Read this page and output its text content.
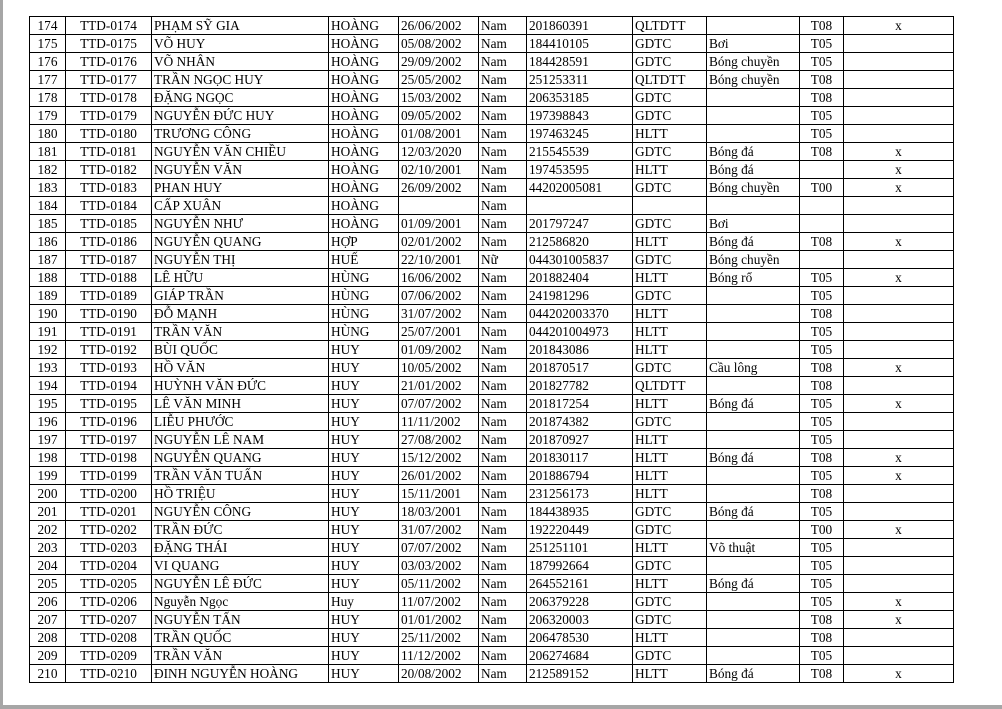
174	TTD-0174	PHẠM SỸ GIA	HOÀNG	26/06/2002	Nam	201860391	QLTDTT		T08	x
175	TTD-0175	VÕ HUY	HOÀNG	05/08/2002	Nam	184410105	GDTC	Bơi	T05	
176	TTD-0176	VÕ NHÂN	HOÀNG	29/09/2002	Nam	184428591	GDTC	Bóng chuyền	T05	
177	TTD-0177	TRẦN NGỌC HUY	HOÀNG	25/05/2002	Nam	251253311	QLTDTT	Bóng chuyền	T08	
178	TTD-0178	ĐẶNG NGỌC	HOÀNG	15/03/2002	Nam	206353185	GDTC		T08	
179	TTD-0179	NGUYỄN ĐỨC HUY	HOÀNG	09/05/2002	Nam	197398843	GDTC		T05	
180	TTD-0180	TRƯƠNG CÔNG	HOÀNG	01/08/2001	Nam	197463245	HLTT		T05	
181	TTD-0181	NGUYỄN VĂN CHIỀU	HOÀNG	12/03/2020	Nam	215545539	GDTC	Bóng đá	T08	x
182	TTD-0182	NGUYỄN VĂN	HOÀNG	02/10/2001	Nam	197453595	HLTT	Bóng đá		x
183	TTD-0183	PHAN HUY	HOÀNG	26/09/2002	Nam	44202005081	GDTC	Bóng chuyền	T00	x
184	TTD-0184	CẤP XUÂN	HOÀNG		Nam					
185	TTD-0185	NGUYỄN NHƯ	HOÀNG	01/09/2001	Nam	201797247	GDTC	Bơi		
186	TTD-0186	NGUYỄN QUANG	HỢP	02/01/2002	Nam	212586820	HLTT	Bóng đá	T08	x
187	TTD-0187	NGUYỄN THỊ	HUẾ	22/10/2001	Nữ	044301005837	GDTC	Bóng chuyền		
188	TTD-0188	LÊ HỮU	HÙNG	16/06/2002	Nam	201882404	HLTT	Bóng rổ	T05	x
189	TTD-0189	GIÁP TRẦN	HÙNG	07/06/2002	Nam	241981296	GDTC		T05	
190	TTD-0190	ĐỖ MẠNH	HÙNG	31/07/2002	Nam	044202003370	HLTT		T08	
191	TTD-0191	TRẦN VĂN	HÙNG	25/07/2001	Nam	044201004973	HLTT		T05	
192	TTD-0192	BÙI QUỐC	HUY	01/09/2002	Nam	201843086	HLTT		T05	
193	TTD-0193	HỒ VĂN	HUY	10/05/2002	Nam	201870517	GDTC	Cầu lông	T08	x
194	TTD-0194	HUỲNH VĂN ĐỨC	HUY	21/01/2002	Nam	201827782	QLTDTT		T08	
195	TTD-0195	LÊ VĂN MINH	HUY	07/07/2002	Nam	201817254	HLTT	Bóng đá	T05	x
196	TTD-0196	LIỄU PHƯỚC	HUY	11/11/2002	Nam	201874382	GDTC		T05	
197	TTD-0197	NGUYỄN LÊ NAM	HUY	27/08/2002	Nam	201870927	HLTT		T05	
198	TTD-0198	NGUYỄN QUANG	HUY	15/12/2002	Nam	201830117	HLTT	Bóng đá	T08	x
199	TTD-0199	TRẦN VĂN TUẤN	HUY	26/01/2002	Nam	201886794	HLTT		T05	x
200	TTD-0200	HỒ TRIỆU	HUY	15/11/2001	Nam	231256173	HLTT		T08	
201	TTD-0201	NGUYỄN CÔNG	HUY	18/03/2001	Nam	184438935	GDTC	Bóng đá	T05	
202	TTD-0202	TRẦN ĐỨC	HUY	31/07/2002	Nam	192220449	GDTC		T00	x
203	TTD-0203	ĐẶNG THÁI	HUY	07/07/2002	Nam	251251101	HLTT	Võ thuật	T05	
204	TTD-0204	VI QUANG	HUY	03/03/2002	Nam	187992664	GDTC		T05	
205	TTD-0205	NGUYỄN LÊ ĐỨC	HUY	05/11/2002	Nam	264552161	HLTT	Bóng đá	T05	
206	TTD-0206	Nguyễn Ngọc	Huy	11/07/2002	Nam	206379228	GDTC		T05	x
207	TTD-0207	NGUYỄN TẤN	HUY	01/01/2002	Nam	206320003	GDTC		T08	x
208	TTD-0208	TRẦN QUỐC	HUY	25/11/2002	Nam	206478530	HLTT		T08	
209	TTD-0209	TRẦN VĂN	HUY	11/12/2002	Nam	206274684	GDTC		T05	
210	TTD-0210	ĐINH NGUYỄN HOÀNG	HUY	20/08/2002	Nam	212589152	HLTT	Bóng đá	T08	x
